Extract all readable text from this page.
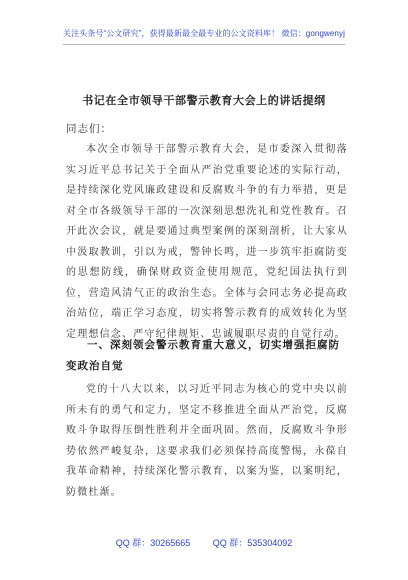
关注头条号“公文研究”，获得最新最全最专业的公文资料库！ 微信：gongwenyj
书记在全市领导干部警示教育大会上的讲话提纲
同志们：

本次全市领导干部警示教育大会，是市委深入贯彻落实习近平总书记关于全面从严治党重要论述的实际行动，是持续深化党风廉政建设和反腐败斗争的有力举措，更是对全市各级领导干部的一次深刻思想洗礼和党性教育。召开此次会议，就是要通过典型案例的深刻剖析，让大家从中汲取教训，引以为戒，警钟长鸣，进一步筑牢拒腐防变的思想防线，确保财政资金使用规范，党纪国法执行到位，营造风清气正的政治生态。全体与会同志务必提高政治站位，端正学习态度，切实将警示教育的成效转化为坚定理想信念、严守纪律规矩、忠诚履职尽责的自觉行动。

一、深刻领会警示教育重大意义，切实增强拒腐防变政治自觉

党的十八大以来，以习近平同志为核心的党中央以前所未有的勇气和定力，坚定不移推进全面从严治党，反腐败斗争取得压倒性胜利并全面巩固。然而，反腐败斗争形势依然严峻复杂，这要求我们必须保持高度警惕，永葆自我革命精神，持续深化警示教育，以案为鉴，以案明纪，防微杜渐。

QQ 群：30265665	QQ 群：535304092
